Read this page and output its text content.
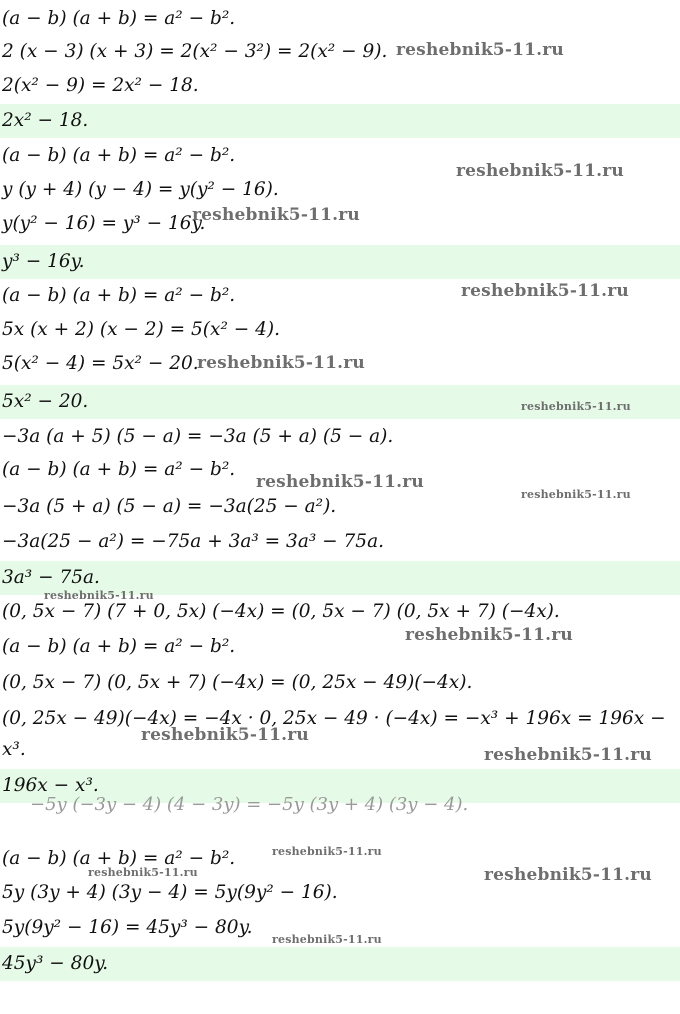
(a − b) (a + b) = a² − b².
2 (x − 3) (x + 3) = 2(x² − 3²) = 2(x² − 9).
2(x² − 9) = 2x² − 18.
2x² − 18.
(a − b) (a + b) = a² − b².
y (y + 4) (y − 4) = y(y² − 16).
y(y² − 16) = y³ − 16y.
y³ − 16y.
(a − b) (a + b) = a² − b².
5x (x + 2) (x − 2) = 5(x² − 4).
5(x² − 4) = 5x² − 20.
5x² − 20.
−3a (a + 5) (5 − a) = −3a (5 + a) (5 − a).
(a − b) (a + b) = a² − b².
−3a (5 + a) (5 − a) = −3a(25 − a²).
−3a(25 − a²) = −75a + 3a³ = 3a³ − 75a.
3a³ − 75a.
(0, 5x − 7) (7 + 0, 5x) (−4x) = (0, 5x − 7) (0, 5x + 7) (−4x).
(a − b) (a + b) = a² − b².
(0, 5x − 7) (0, 5x + 7) (−4x) = (0, 25x − 49)(−4x).
(0, 25x − 49)(−4x) = −4x · 0, 25x − 49 · (−4x) = −x³ + 196x = 196x −
x³.
196x − x³.
−5y (−3y − 4) (4 − 3y) = −5y (3y + 4) (3y − 4).
(a − b) (a + b) = a² − b².
5y (3y + 4) (3y − 4) = 5y(9y² − 16).
5y(9y² − 16) = 45y³ − 80y.
45y³ − 80y.
reshebnik5-11.ru
reshebnik5-11.ru
reshebnik5-11.ru
reshebnik5-11.ru
reshebnik5-11.ru
reshebnik5-11.ru
reshebnik5-11.ru
reshebnik5-11.ru
reshebnik5-11.ru
reshebnik5-11.ru
reshebnik5-11.ru
reshebnik5-11.ru
reshebnik5-11.ru
reshebnik5-11.ru	reshebnik5-11.ru
reshebnik5-11.ru
